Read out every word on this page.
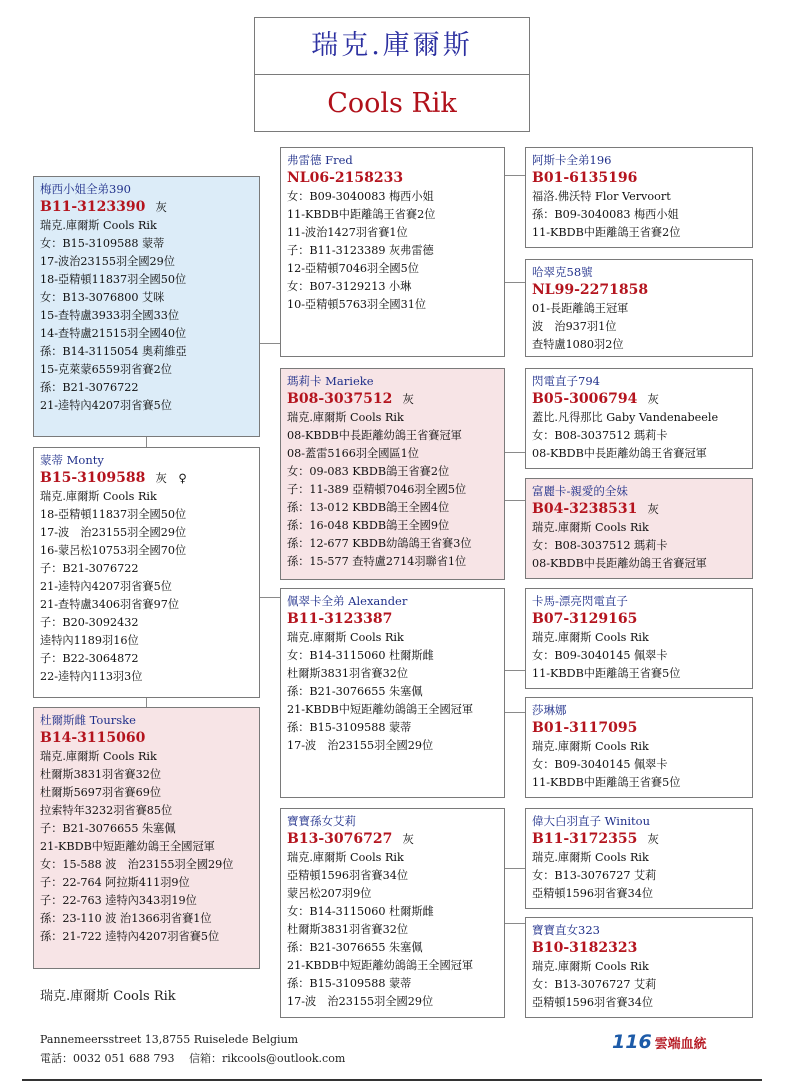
瑞克.庫爾斯
Cools Rik
梅西小姐全弟390
B11-3123390 灰
瑞克.庫爾斯 Cools Rik
女：B15-3109588 蒙蒂
17-波治23155羽全國29位
18-亞精頓11837羽全國50位
女：B13-3076800 艾咪
15-查特盧3933羽全國33位
14-查特盧21515羽全國40位
孫：B14-3115054 奧莉維亞
15-克萊蒙6559羽省賽2位
孫：B21-3076722
21-逵特內4207羽省賽5位
蒙蒂 Monty
B15-3109588 灰　♀
瑞克.庫爾斯 Cools Rik
18-亞精頓11837羽全國50位
17-波　治23155羽全國29位
16-蒙呂松10753羽全國70位
子：B21-3076722
21-逵特內4207羽省賽5位
21-查特盧3406羽省賽97位
子：B20-3092432
逵特內1189羽16位
子：B22-3064872
22-逵特內113羽3位
杜爾斯雌 Tourske
B14-3115060
瑞克.庫爾斯 Cools Rik
杜爾斯3831羽省賽32位
杜爾斯5697羽省賽69位
拉索特年3232羽省賽85位
子：B21-3076655 朱塞佩
21-KBDB中短距離幼鴿王全國冠軍
女：15-588 波　治23155羽全國29位
子：22-764 阿拉斯411羽9位
子：22-763 逵特內343羽19位
孫：23-110 波 治1366羽省賽1位
孫：21-722 逵特內4207羽省賽5位
弗雷德 Fred
NL06-2158233
女：B09-3040083 梅西小姐
11-KBDB中距離鴿王省賽2位
11-波治1427羽省賽1位
子：B11-3123389 灰弗雷德
12-亞精頓7046羽全國5位
女：B07-3129213 小琳
10-亞精頓5763羽全國31位
瑪莉卡 Marieke
B08-3037512 灰
瑞克.庫爾斯 Cools Rik
08-KBDB中長距離幼鴿王省賽冠軍
08-蓋雷5166羽全國區1位
女：09-083 KBDB鴿王省賽2位
子：11-389 亞精頓7046羽全國5位
孫：13-012 KBDB鴿王全國4位
孫：16-048 KBDB鴿王全國9位
孫：12-677 KBDB幼鴿鴿王省賽3位
孫：15-577 查特盧2714羽聯省1位
佩翠卡全弟 Alexander
B11-3123387
瑞克.庫爾斯 Cools Rik
女：B14-3115060 杜爾斯雌
杜爾斯3831羽省賽32位
孫：B21-3076655 朱塞佩
21-KBDB中短距離幼鴿鴿王全國冠軍
孫：B15-3109588 蒙蒂
17-波　治23155羽全國29位
寶寶孫女艾莉
B13-3076727 灰
瑞克.庫爾斯 Cools Rik
亞精頓1596羽省賽34位
蒙呂松207羽9位
女：B14-3115060 杜爾斯雌
杜爾斯3831羽省賽32位
孫：B21-3076655 朱塞佩
21-KBDB中短距離幼鴿鴿王全國冠軍
孫：B15-3109588 蒙蒂
17-波　治23155羽全國29位
阿斯卡全弟196
B01-6135196
福洛.佛沃特 Flor Vervoort
孫：B09-3040083 梅西小姐
11-KBDB中距離鴿王省賽2位
哈翠克58號
NL99-2271858
01-長距離鴿王冠軍
波　治937羽1位
查特盧1080羽2位
閃電直子794
B05-3006794 灰
蓋比.凡得那比 Gaby Vandenabeele
女：B08-3037512 瑪莉卡
08-KBDB中長距離幼鴿王省賽冠軍
富麗卡-親愛的全妹
B04-3238531 灰
瑞克.庫爾斯 Cools Rik
女：B08-3037512 瑪莉卡
08-KBDB中長距離幼鴿王省賽冠軍
卡馬-漂亮閃電直子
B07-3129165
瑞克.庫爾斯 Cools Rik
女：B09-3040145 佩翠卡
11-KBDB中距離鴿王省賽5位
莎琳娜
B01-3117095
瑞克.庫爾斯 Cools Rik
女：B09-3040145 佩翠卡
11-KBDB中距離鴿王省賽5位
偉大白羽直子 Winitou
B11-3172355 灰
瑞克.庫爾斯 Cools Rik
女：B13-3076727 艾莉
亞精頓1596羽省賽34位
寶寶直女323
B10-3182323
瑞克.庫爾斯 Cools Rik
女：B13-3076727 艾莉
亞精頓1596羽省賽34位
瑞克.庫爾斯 Cools Rik
Pannemeersstreet 13,8755 Ruiselede Belgium
電話：0032 051 688 793　 信箱：rikcools@outlook.com
116 雲端血統
